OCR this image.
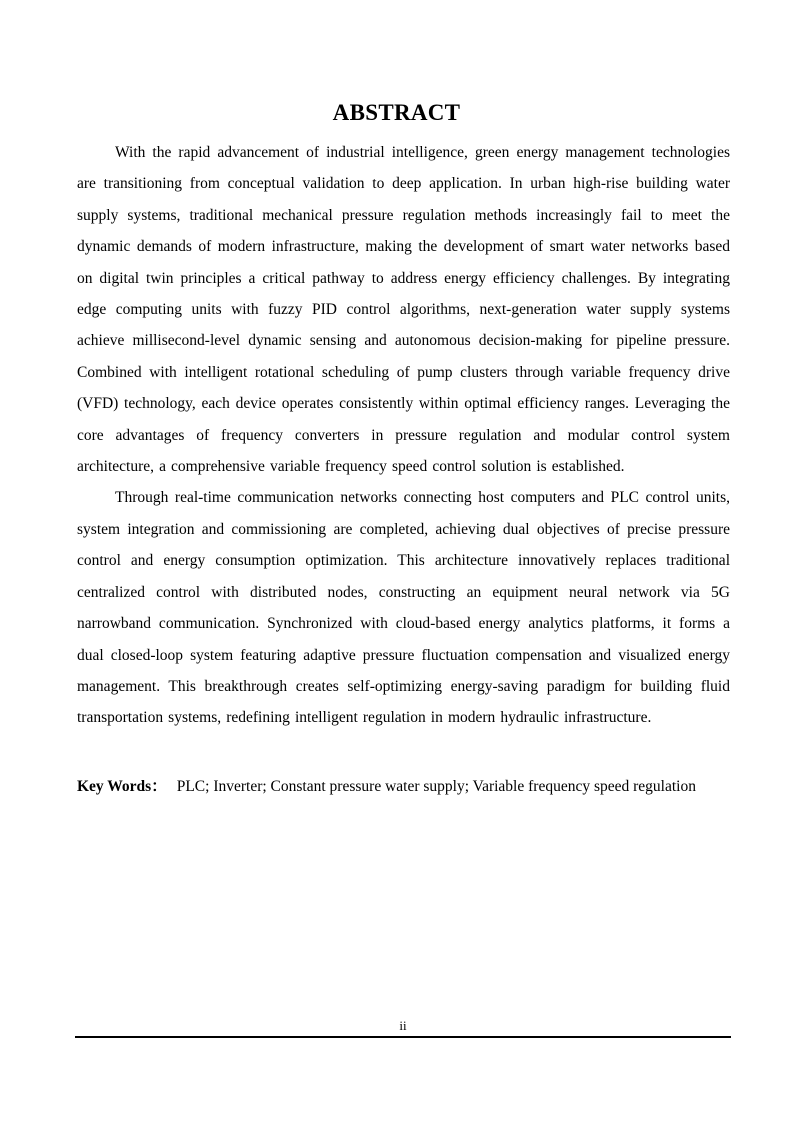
ABSTRACT

With the rapid advancement of industrial intelligence, green energy management technologies are transitioning from conceptual validation to deep application. In urban high-rise building water supply systems, traditional mechanical pressure regulation methods increasingly fail to meet the dynamic demands of modern infrastructure, making the development of smart water networks based on digital twin principles a critical pathway to address energy efficiency challenges. By integrating edge computing units with fuzzy PID control algorithms, next-generation water supply systems achieve millisecond-level dynamic sensing and autonomous decision-making for pipeline pressure. Combined with intelligent rotational scheduling of pump clusters through variable frequency drive (VFD) technology, each device operates consistently within optimal efficiency ranges. Leveraging the core advantages of frequency converters in pressure regulation and modular control system architecture, a comprehensive variable frequency speed control solution is established.

Through real-time communication networks connecting host computers and PLC control units, system integration and commissioning are completed, achieving dual objectives of precise pressure control and energy consumption optimization. This architecture innovatively replaces traditional centralized control with distributed nodes, constructing an equipment neural network via 5G narrowband communication. Synchronized with cloud-based energy analytics platforms, it forms a dual closed-loop system featuring adaptive pressure fluctuation compensation and visualized energy management. This breakthrough creates self-optimizing energy-saving paradigm for building fluid transportation systems, redefining intelligent regulation in modern hydraulic infrastructure.

Key Words： PLC; Inverter; Constant pressure water supply; Variable frequency speed regulation

ii
